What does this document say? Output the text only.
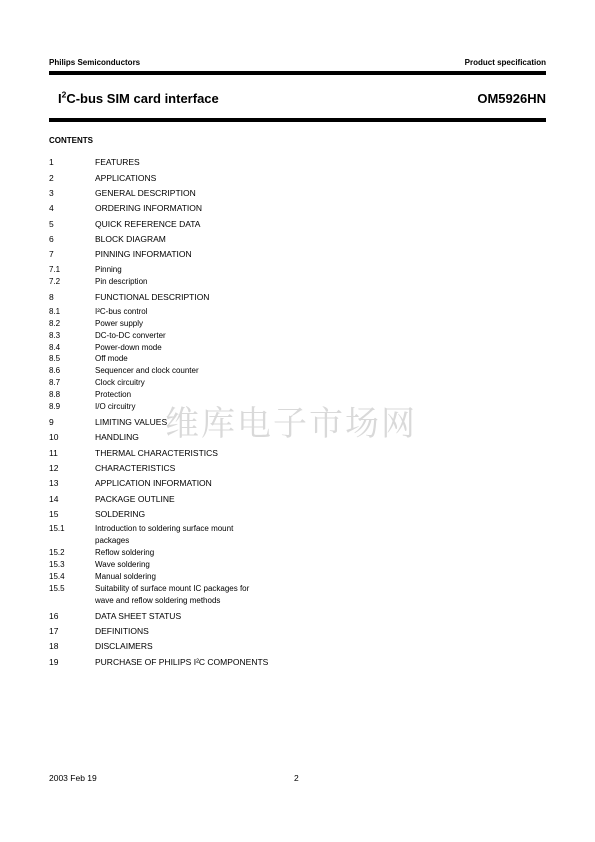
Philips Semiconductors	Product specification
$I^2C$-bus SIM card interface	OM5926HN
CONTENTS
1	FEATURES
2	APPLICATIONS
3	GENERAL DESCRIPTION
4	ORDERING INFORMATION
5	QUICK REFERENCE DATA
6	BLOCK DIAGRAM
7	PINNING INFORMATION
7.1	Pinning
7.2	Pin description
8	FUNCTIONAL DESCRIPTION
8.1	I²C-bus control
8.2	Power supply
8.3	DC-to-DC converter
8.4	Power-down mode
8.5	Off mode
8.6	Sequencer and clock counter
8.7	Clock circuitry
8.8	Protection
8.9	I/O circuitry
9	LIMITING VALUES
10	HANDLING
11	THERMAL CHARACTERISTICS
12	CHARACTERISTICS
13	APPLICATION INFORMATION
14	PACKAGE OUTLINE
15	SOLDERING
15.1	Introduction to soldering surface mount
packages
15.2	Reflow soldering
15.3	Wave soldering
15.4	Manual soldering
15.5	Suitability of surface mount IC packages for
wave and reflow soldering methods
16	DATA SHEET STATUS
17	DEFINITIONS
18	DISCLAIMERS
19	PURCHASE OF PHILIPS I²C COMPONENTS
维库电子市场网
2003 Feb 19	2
